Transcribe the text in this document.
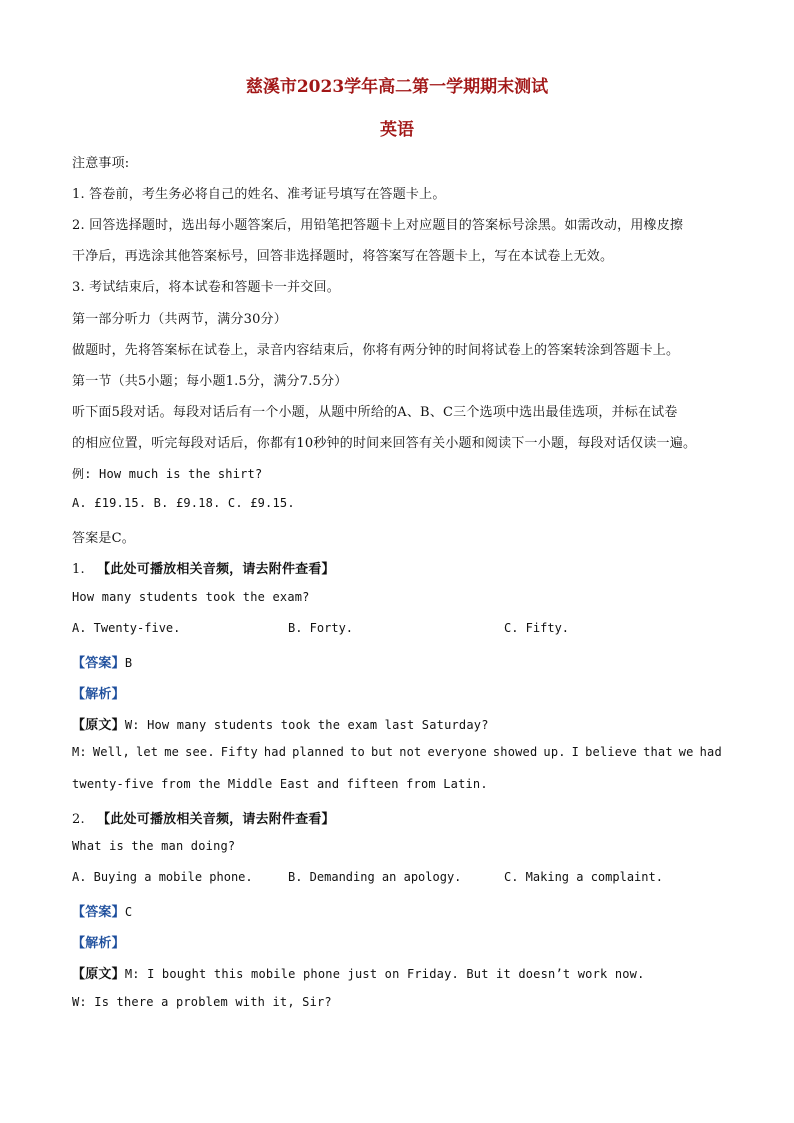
慈溪市2023学年高二第一学期期末测试
英语
注意事项:
1. 答卷前，考生务必将自己的姓名、准考证号填写在答题卡上。
2. 回答选择题时，选出每小题答案后，用铅笔把答题卡上对应题目的答案标号涂黑。如需改动，用橡皮擦
干净后，再选涂其他答案标号，回答非选择题时，将答案写在答题卡上，写在本试卷上无效。
3. 考试结束后，将本试卷和答题卡一并交回。
第一部分听力（共两节，满分30分）
做题时，先将答案标在试卷上，录音内容结束后，你将有两分钟的时间将试卷上的答案转涂到答题卡上。
第一节（共5小题；每小题1.5分，满分7.5分）
听下面5段对话。每段对话后有一个小题，从题中所给的A、B、C三个选项中选出最佳选项，并标在试卷
的相应位置，听完每段对话后，你都有10秒钟的时间来回答有关小题和阅读下一小题，每段对话仅读一遍。
例: How much is the shirt?
A. £19.15. B. £9.18. C. £9.15.
答案是C。
1. 【此处可播放相关音频，请去附件查看】
How many students took the exam?
A. Twenty-five.	B. Forty.	C. Fifty.
【答案】B
【解析】
【原文】W: How many students took the exam last Saturday?
M: Well, let me see. Fifty had planned to but not everyone showed up. I believe that we had
twenty-five from the Middle East and fifteen from Latin.
2. 【此处可播放相关音频，请去附件查看】
What is the man doing?
A. Buying a mobile phone.	B. Demanding an apology.	C. Making a complaint.
【答案】C
【解析】
【原文】M: I bought this mobile phone just on Friday. But it doesn’t work now.
W: Is there a problem with it, Sir?
